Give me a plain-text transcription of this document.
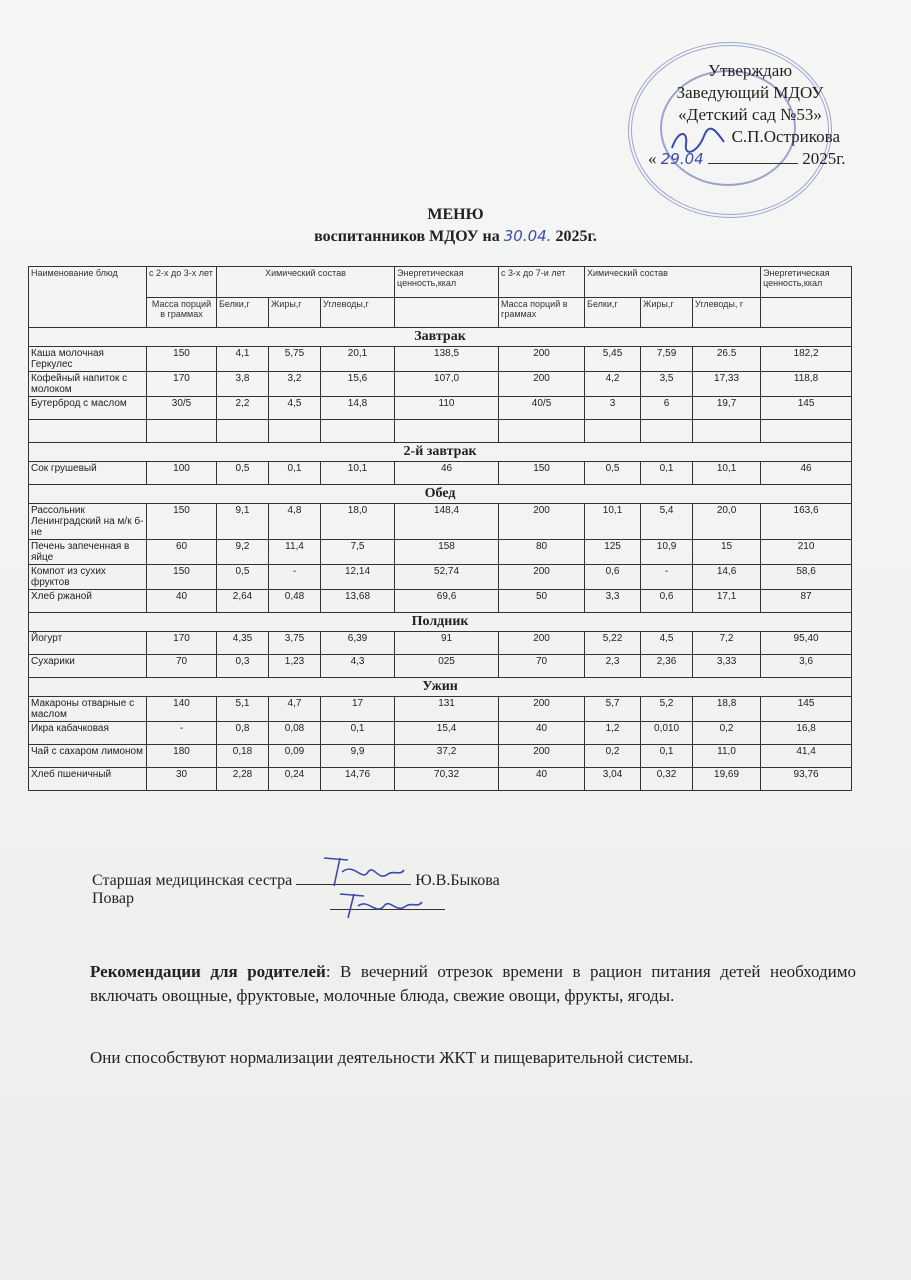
Утверждаю
Заведующий МДОУ
«Детский сад №53»
С.П.Острикова
« 29.04	2025г.
МЕНЮ
воспитанников МДОУ на 30.04. 2025г.
Наименование блюд	с 2-х до 3-х лет	Химический состав			Энергетическая ценность,ккал	с 3-х до 7-и лет	Химический состав			Энергетическая ценность,ккал
	Масса порций в граммах	Белки,г	Жиры,г	Углеводы,г		Масса порций в граммах	Белки,г	Жиры,г	Углеводы, г	
Завтрак										
Каша молочная Геркулес	150	4,1	5,75	20,1	138,5	200	5,45	7,59	26.5	182,2
Кофейный напиток с молоком	170	3,8	3,2	15,6	107,0	200	4,2	3,5	17,33	118,8
Бутерброд с маслом	30/5	2,2	4,5	14,8	110	40/5	3	6	19,7	145

2-й завтрак										
Сок грушевый	100	0,5	0,1	10,1	46	150	0,5	0,1	10,1	46
Обед										
Рассольник Ленинградский на м/к б-не	150	9,1	4,8	18,0	148,4	200	10,1	5,4	20,0	163,6
Печень запеченная в яйце	60	9,2	11,4	7,5	158	80	125	10,9	15	210
Компот из сухих фруктов	150	0,5	-	12,14	52,74	200	0,6	-	14,6	58,6
Хлеб ржаной	40	2,64	0,48	13,68	69,6	50	3,3	0,6	17,1	87
Полдник										
Йогурт	170	4,35	3,75	6,39	91	200	5,22	4,5	7,2	95,40
Сухарики	70	0,3	1,23	4,3	025	70	2,3	2,36	3,33	3,6
Ужин										
Макароны отварные с маслом	140	5,1	4,7	17	131	200	5,7	5,2	18,8	145
Икра кабачковая	-	0,8	0,08	0,1	15,4	40	1,2	0,010	0,2	16,8
Чай с сахаром лимоном	180	0,18	0,09	9,9	37,2	200	0,2	0,1	11,0	41,4
Хлеб пшеничный	30	2,28	0,24	14,76	70,32	40	3,04	0,32	19,69	93,76
Старшая медицинская сестра	Ю.В.Быкова
Повар
Рекомендации для родителей: В вечерний отрезок времени в рацион питания детей необходимо включать овощные, фруктовые, молочные блюда, свежие овощи, фрукты, ягоды.
Они способствуют нормализации деятельности ЖКТ и пищеварительной системы.
